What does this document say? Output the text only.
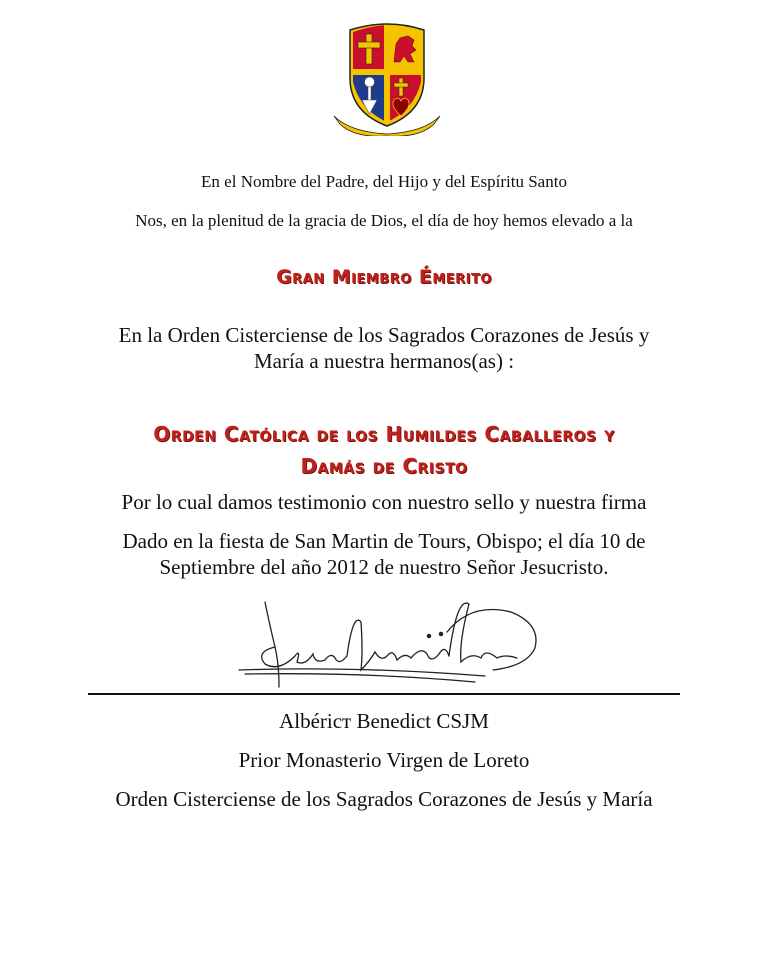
En el Nombre del Padre, del Hijo y del Espíritu Santo
Nos, en la plenitud de la gracia de Dios, el día de hoy hemos elevado a la
Gran Miembro Émerito
En la Orden Cisterciense de los Sagrados Corazones de Jesús y
María a nuestra hermanos(as) :
Orden Católica de los Humildes Caballeros y
Damás de Cristo
Por lo cual damos testimonio con nuestro sello y nuestra firma
Dado en la fiesta de San Martin de Tours, Obispo; el día 10 de
Septiembre del año 2012 de nuestro Señor Jesucristo.
Albéricт Benedict CSJM
Prior Monasterio Virgen de Loreto
Orden Cisterciense de los Sagrados Corazones de Jesús y María
